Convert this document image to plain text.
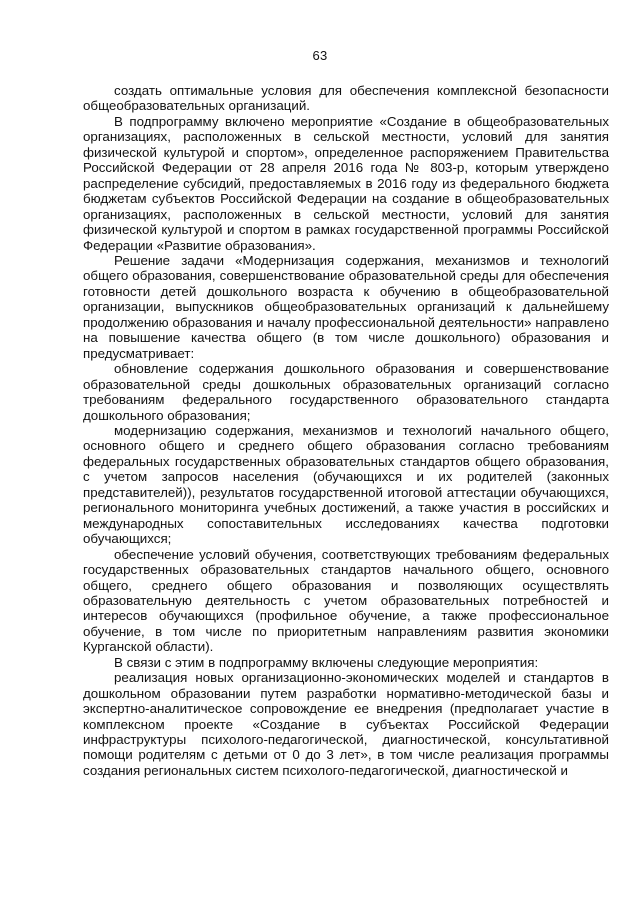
63

создать оптимальные условия для обеспечения комплексной безопасности общеобразовательных организаций.

В подпрограмму включено мероприятие «Создание в общеобразовательных организациях, расположенных в сельской местности, условий для занятия физической культурой и спортом», определенное распоряжением Правительства Российской Федерации от 28 апреля 2016 года № 803-р, которым утверждено распределение субсидий, предоставляемых в 2016 году из федерального бюджета бюджетам субъектов Российской Федерации на создание в общеобразовательных организациях, расположенных в сельской местности, условий для занятия физической культурой и спортом в рамках государственной программы Российской Федерации «Развитие образования».

Решение задачи «Модернизация содержания, механизмов и технологий общего образования, совершенствование образовательной среды для обеспечения готовности детей дошкольного возраста к обучению в общеобразовательной организации, выпускников общеобразовательных организаций к дальнейшему продолжению образования и началу профессиональной деятельности» направлено на повышение качества общего (в том числе дошкольного) образования и предусматривает:

обновление содержания дошкольного образования и совершенствование образовательной среды дошкольных образовательных организаций согласно требованиям федерального государственного образовательного стандарта дошкольного образования;

модернизацию содержания, механизмов и технологий начального общего, основного общего и среднего общего образования согласно требованиям федеральных государственных образовательных стандартов общего образования, с учетом запросов населения (обучающихся и их родителей (законных представителей)), результатов государственной итоговой аттестации обучающихся, регионального мониторинга учебных достижений, а также участия в российских и международных сопоставительных исследованиях качества подготовки обучающихся;

обеспечение условий обучения, соответствующих требованиям федеральных государственных образовательных стандартов начального общего, основного общего, среднего общего образования и позволяющих осуществлять образовательную деятельность с учетом образовательных потребностей и интересов обучающихся (профильное обучение, а также профессиональное обучение, в том числе по приоритетным направлениям развития экономики Курганской области).

В связи с этим в подпрограмму включены следующие мероприятия:

реализация новых организационно-экономических моделей и стандартов в дошкольном образовании путем разработки нормативно-методической базы и экспертно-аналитическое сопровождение ее внедрения (предполагает участие в комплексном проекте «Создание в субъектах Российской Федерации инфраструктуры психолого-педагогической, диагностической, консультативной помощи родителям с детьми от 0 до 3 лет», в том числе реализация программы создания региональных систем психолого-педагогической, диагностической и
